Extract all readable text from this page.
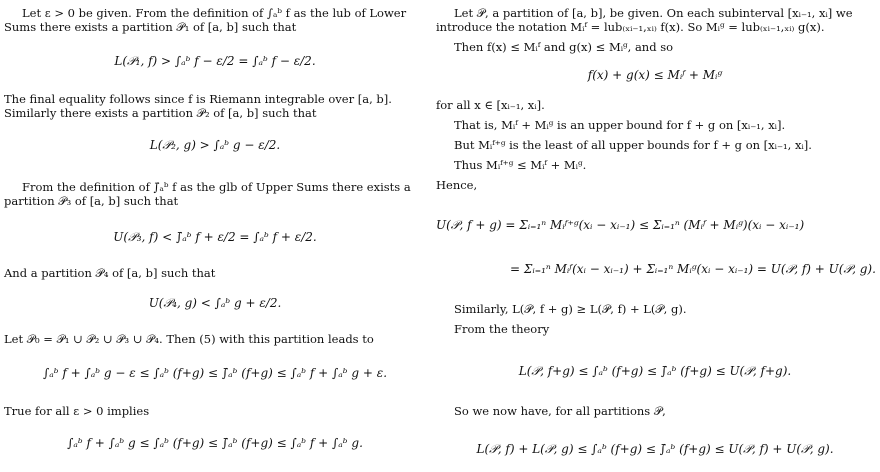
Let ε > 0 be given. From the definition of ∫ₐᵇ f as the lub of Lower Sums there exists a partition 𝒫₁ of [a, b] such that

L(𝒫₁, f) > ∫ₐᵇ f − ε/2 = ∫ₐᵇ f − ε/2.

The final equality follows since f is Riemann integrable over [a, b]. Similarly there exists a partition 𝒫₂ of [a, b] such that

L(𝒫₂, g) > ∫ₐᵇ g − ε/2.

From the definition of ∫̄ₐᵇ f as the glb of Upper Sums there exists a partition 𝒫₃ of [a, b] such that

U(𝒫₃, f) < ∫̄ₐᵇ f + ε/2 = ∫ₐᵇ f + ε/2.

And a partition 𝒫₄ of [a, b] such that

U(𝒫₄, g) < ∫ₐᵇ g + ε/2.

Let 𝒫₀ = 𝒫₁ ∪ 𝒫₂ ∪ 𝒫₃ ∪ 𝒫₄. Then (5) with this partition leads to

∫ₐᵇ f + ∫ₐᵇ g − ε ≤ ∫ₐᵇ (f+g) ≤ ∫̄ₐᵇ (f+g) ≤ ∫ₐᵇ f + ∫ₐᵇ g + ε.

True for all ε > 0 implies

∫ₐᵇ f + ∫ₐᵇ g ≤ ∫ₐᵇ (f+g) ≤ ∫̄ₐᵇ (f+g) ≤ ∫ₐᵇ f + ∫ₐᵇ g.

Let 𝒫, a partition of [a, b], be given. On each subinterval [xᵢ₋₁, xᵢ] we introduce the notation Mᵢᶠ = lub₍ₓᵢ₋₁,ₓᵢ₎ f(x). So Mᵢᵍ = lub₍ₓᵢ₋₁,ₓᵢ₎ g(x).

Then f(x) ≤ Mᵢᶠ and g(x) ≤ Mᵢᵍ, and so

f(x) + g(x) ≤ Mᵢᶠ + Mᵢᵍ

for all x ∈ [xᵢ₋₁, xᵢ].

That is, Mᵢᶠ + Mᵢᵍ is an upper bound for f + g on [xᵢ₋₁, xᵢ].

But Mᵢᶠ⁺ᵍ is the least of all upper bounds for f + g on [xᵢ₋₁, xᵢ].

Thus Mᵢᶠ⁺ᵍ ≤ Mᵢᶠ + Mᵢᵍ.

Hence,

U(𝒫, f + g) = Σᵢ₌₁ⁿ Mᵢᶠ⁺ᵍ(xᵢ − xᵢ₋₁) ≤ Σᵢ₌₁ⁿ (Mᵢᶠ + Mᵢᵍ)(xᵢ − xᵢ₋₁)

= Σᵢ₌₁ⁿ Mᵢᶠ(xᵢ − xᵢ₋₁) + Σᵢ₌₁ⁿ Mᵢᵍ(xᵢ − xᵢ₋₁) = U(𝒫, f) + U(𝒫, g).

Similarly, L(𝒫, f + g) ≥ L(𝒫, f) + L(𝒫, g).

From the theory

L(𝒫, f+g) ≤ ∫ₐᵇ (f+g) ≤ ∫̄ₐᵇ (f+g) ≤ U(𝒫, f+g).

So we now have, for all partitions 𝒫,

L(𝒫, f) + L(𝒫, g) ≤ ∫ₐᵇ (f+g) ≤ ∫̄ₐᵇ (f+g) ≤ U(𝒫, f) + U(𝒫, g).
